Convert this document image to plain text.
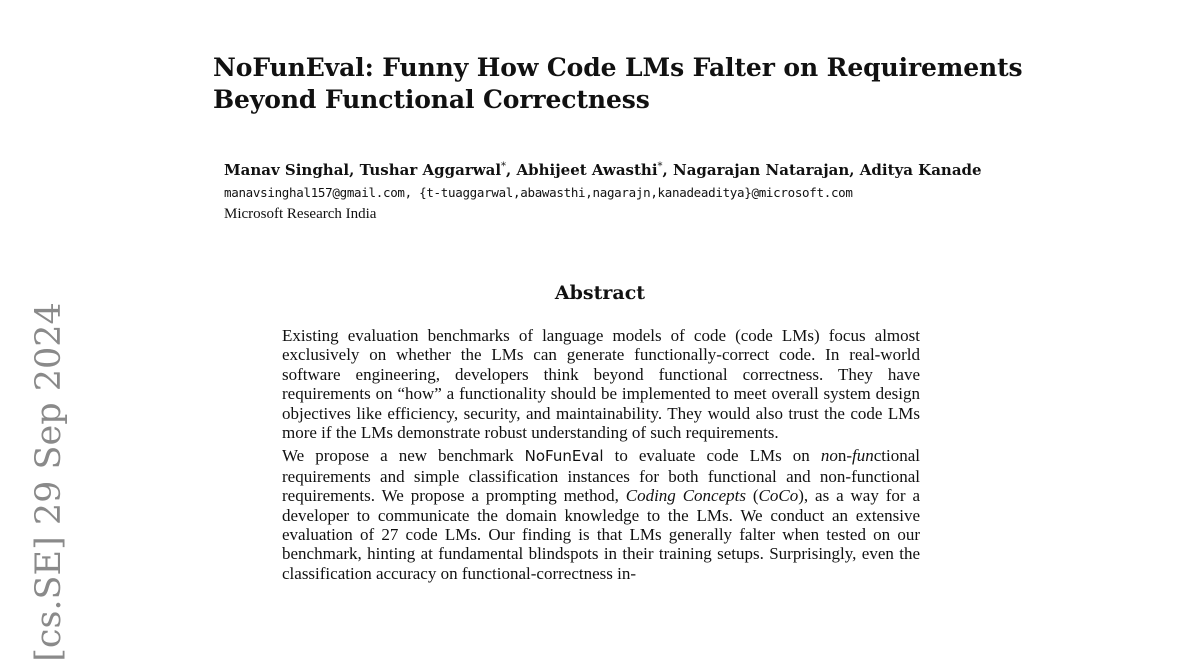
NoFunEval: Funny How Code LMs Falter on Requirements
Beyond Functional Correctness
Manav Singhal, Tushar Aggarwal*, Abhijeet Awasthi*, Nagarajan Natarajan, Aditya Kanade
manavsinghal157@gmail.com, {t-tuaggarwal,abawasthi,nagarajn,kanadeaditya}@microsoft.com
Microsoft Research India
Abstract

Existing evaluation benchmarks of language models of code (code LMs) focus almost exclusively on whether the LMs can generate functionally-correct code. In real-world software engineering, developers think beyond functional correctness. They have requirements on “how” a functionality should be implemented to meet overall system design objectives like efficiency, security, and maintainability. They would also trust the code LMs more if the LMs demonstrate robust understanding of such requirements.

We propose a new benchmark NoFunEval to evaluate code LMs on non-functional requirements and simple classification instances for both functional and non-functional requirements. We propose a prompting method, Coding Concepts (CoCo), as a way for a developer to communicate the domain knowledge to the LMs. We conduct an extensive evaluation of 27 code LMs. Our finding is that LMs generally falter when tested on our benchmark, hinting at fundamental blindspots in their training setups. Surprisingly, even the classification accuracy on functional-correctness in-

[cs.SE] 29 Sep 2024
